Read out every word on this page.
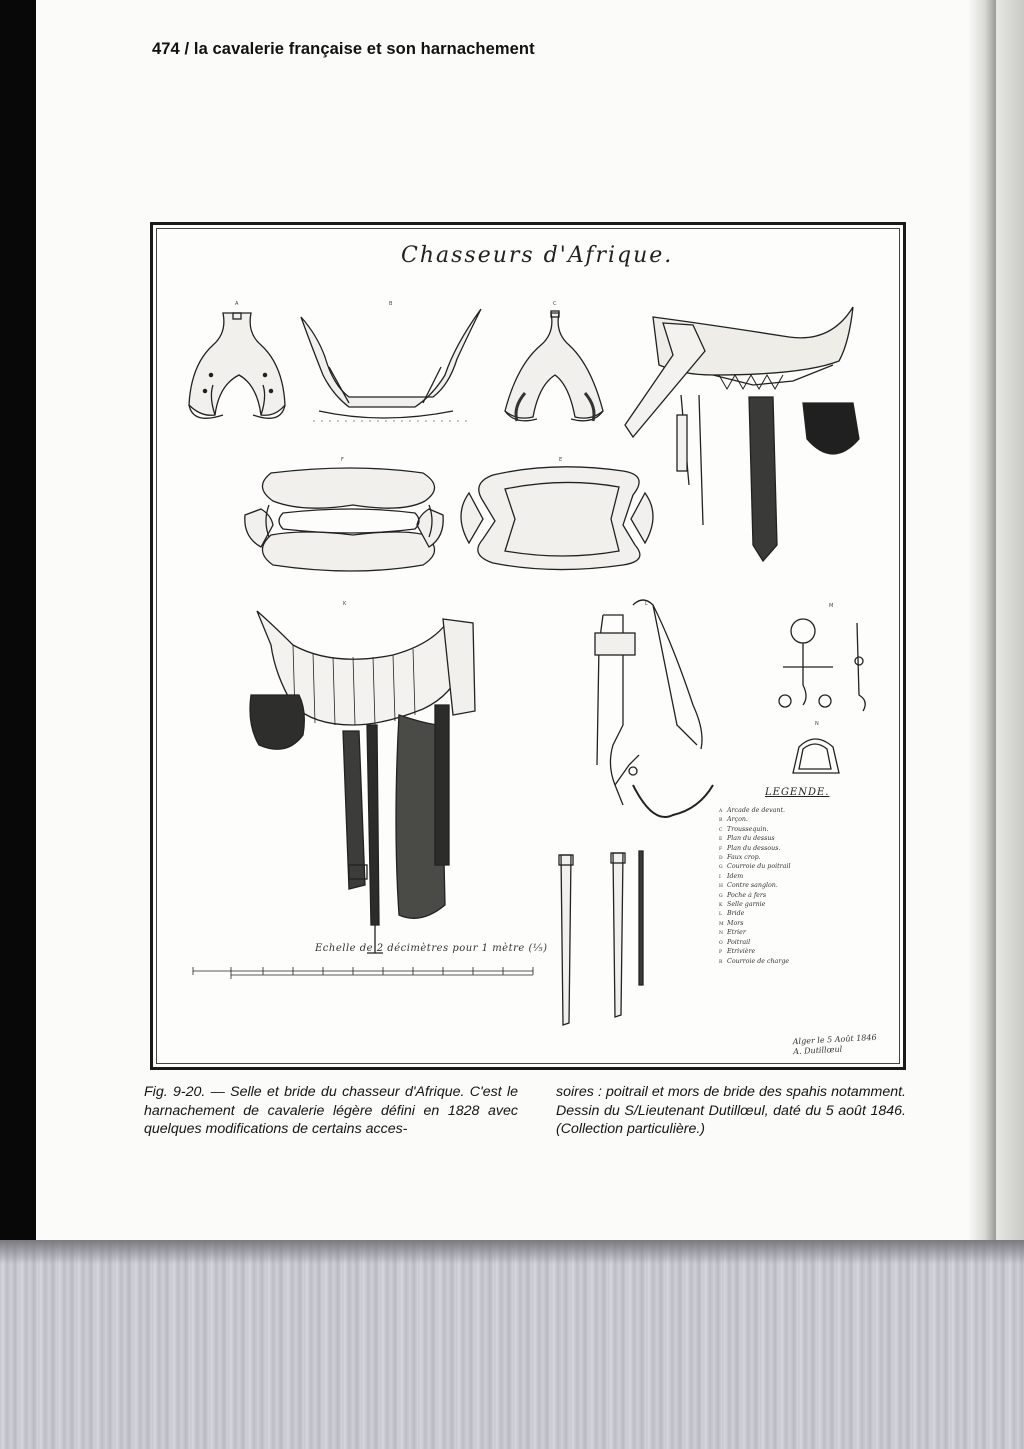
474 / la cavalerie française et son harnachement
Chasseurs d'Afrique.
A	B	C
F	E
K	L	M
N
LEGENDE.
A Arcade de devant.
B Arçon.
C Troussequin.
E Plan du dessus
F Plan du dessous.
D Faux crop.
G Courroie du poitrail
I Idem
H Contre sanglon.
G Poche à fers
K Selle garnie
L Bride
M Mors
N Etrier
O Poitrail
P Etrivière
R Courroie de charge
Echelle de 2 décimètres pour 1 mètre (⅕)
Alger le 5 Août 1846
A. Dutillœul
Fig. 9-20. — Selle et bride du chasseur d'Afrique. C'est le harnachement de cavalerie légère défini en 1828 avec quelques modifications de certains acces-
soires : poitrail et mors de bride des spahis notamment. Dessin du S/Lieutenant Dutillœul, daté du 5 août 1846. (Collection particulière.)
